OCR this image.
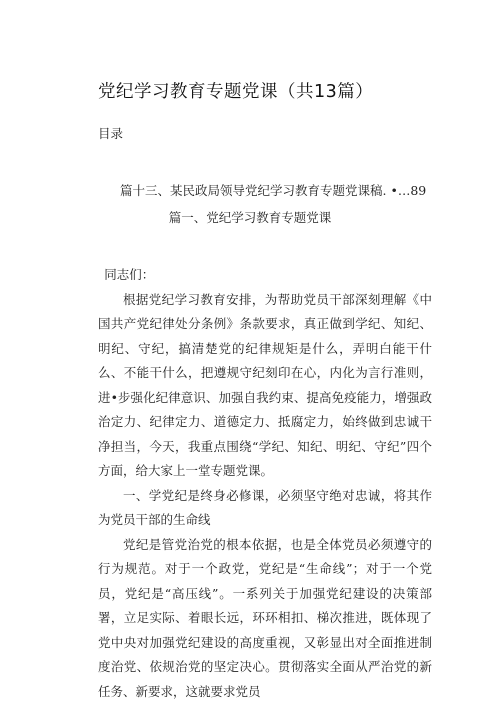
党纪学习教育专题党课（共13篇）
目录
篇十三、某民政局领导党纪学习教育专题党课稿. •…89
篇一、党纪学习教育专题党课

同志们：

根据党纪学习教育安排，为帮助党员干部深刻理解《中国共产党纪律处分条例》条款要求，真正做到学纪、知纪、明纪、守纪，搞清楚党的纪律规矩是什么，弄明白能干什么、不能干什么，把遵规守纪刻印在心，内化为言行准则，进•步强化纪律意识、加强自我约束、提高免疫能力，增强政治定力、纪律定力、道德定力、抵腐定力，始终做到忠诚干净担当，今天，我重点围绕“学纪、知纪、明纪、守纪”四个方面，给大家上一堂专题党课。

一、学党纪是终身必修课，必须坚守绝对忠诚，将其作为党员干部的生命线

党纪是管党治党的根本依据，也是全体党员必须遵守的行为规范。对于一个政党，党纪是“生命线”；对于一个党员，党纪是“高压线”。一系列关于加强党纪建设的决策部署，立足实际、着眼长远，环环相扣、梯次推进，既体现了党中央对加强党纪建设的高度重视，又彰显出对全面推进制度治党、依规治党的坚定决心。贯彻落实全面从严治党的新任务、新要求，这就要求党员
